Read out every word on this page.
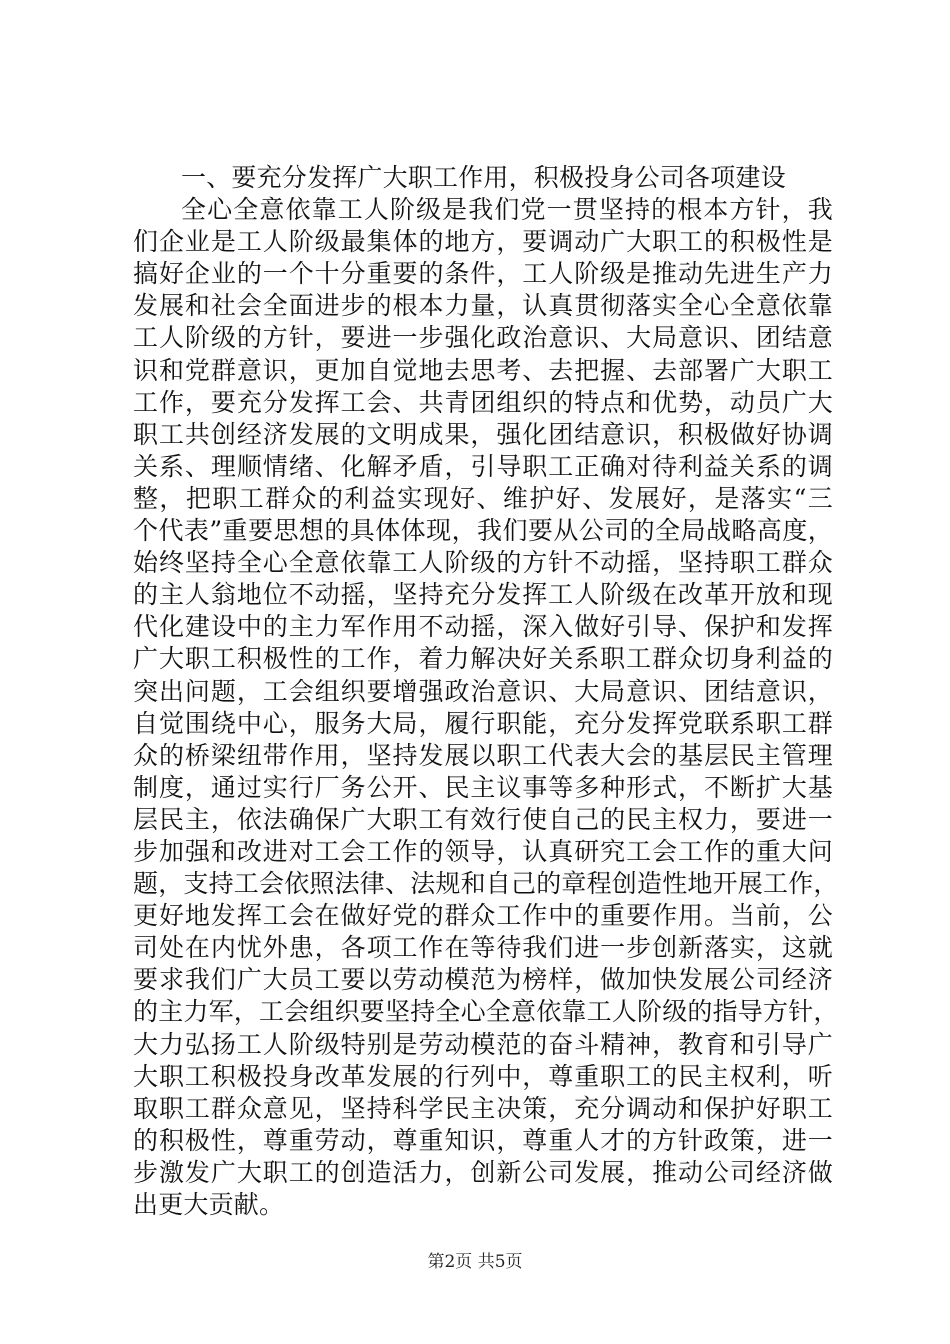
一、要充分发挥广大职工作用，积极投身公司各项建设
全心全意依靠工人阶级是我们党一贯坚持的根本方针，我
们企业是工人阶级最集体的地方，要调动广大职工的积极性是
搞好企业的一个十分重要的条件，工人阶级是推动先进生产力
发展和社会全面进步的根本力量，认真贯彻落实全心全意依靠
工人阶级的方针，要进一步强化政治意识、大局意识、团结意
识和党群意识，更加自觉地去思考、去把握、去部署广大职工
工作，要充分发挥工会、共青团组织的特点和优势，动员广大
职工共创经济发展的文明成果，强化团结意识，积极做好协调
关系、理顺情绪、化解矛盾，引导职工正确对待利益关系的调
整，把职工群众的利益实现好、维护好、发展好，是落实“三
个代表”重要思想的具体体现，我们要从公司的全局战略高度，
始终坚持全心全意依靠工人阶级的方针不动摇，坚持职工群众
的主人翁地位不动摇，坚持充分发挥工人阶级在改革开放和现
代化建设中的主力军作用不动摇，深入做好引导、保护和发挥
广大职工积极性的工作，着力解决好关系职工群众切身利益的
突出问题，工会组织要增强政治意识、大局意识、团结意识，
自觉围绕中心，服务大局，履行职能，充分发挥党联系职工群
众的桥梁纽带作用，坚持发展以职工代表大会的基层民主管理
制度，通过实行厂务公开、民主议事等多种形式，不断扩大基
层民主，依法确保广大职工有效行使自己的民主权力，要进一
步加强和改进对工会工作的领导，认真研究工会工作的重大问
题，支持工会依照法律、法规和自己的章程创造性地开展工作，
更好地发挥工会在做好党的群众工作中的重要作用。当前，公
司处在内忧外患，各项工作在等待我们进一步创新落实，这就
要求我们广大员工要以劳动模范为榜样，做加快发展公司经济
的主力军，工会组织要坚持全心全意依靠工人阶级的指导方针，
大力弘扬工人阶级特别是劳动模范的奋斗精神，教育和引导广
大职工积极投身改革发展的行列中，尊重职工的民主权利，听
取职工群众意见，坚持科学民主决策，充分调动和保护好职工
的积极性，尊重劳动，尊重知识，尊重人才的方针政策，进一
步激发广大职工的创造活力，创新公司发展，推动公司经济做
出更大贡献。
第2页 共5页
